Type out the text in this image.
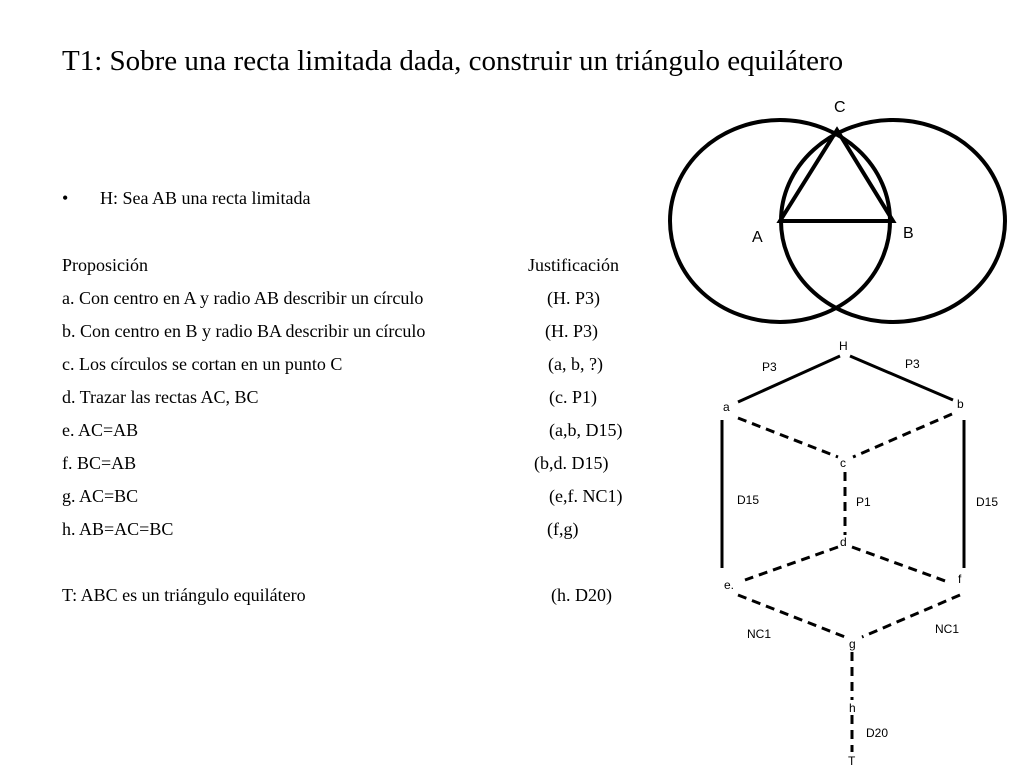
T1: Sobre una recta limitada dada, construir un triángulo equilátero
• H: Sea AB una recta limitada
Proposición	Justificación
a. Con centro en A y radio AB describir un círculo	(H. P3)
b. Con centro en B y radio BA describir un círculo	(H. P3)
c. Los círculos se cortan en un punto C	(a, b, ?)
d. Trazar las rectas AC, BC	(c. P1)
e. AC=AB	(a,b, D15)
f. BC=AB	(b,d. D15)
g. AC=BC	(e,f. NC1)
h. AB=AC=BC	(f,g)
T: ABC es un triángulo equilátero	(h. D20)
A	B
C
H
a	b
c
d
e.	f
g
h
T
P3	P3
P1
D15	D15
NC1	NC1
D20
